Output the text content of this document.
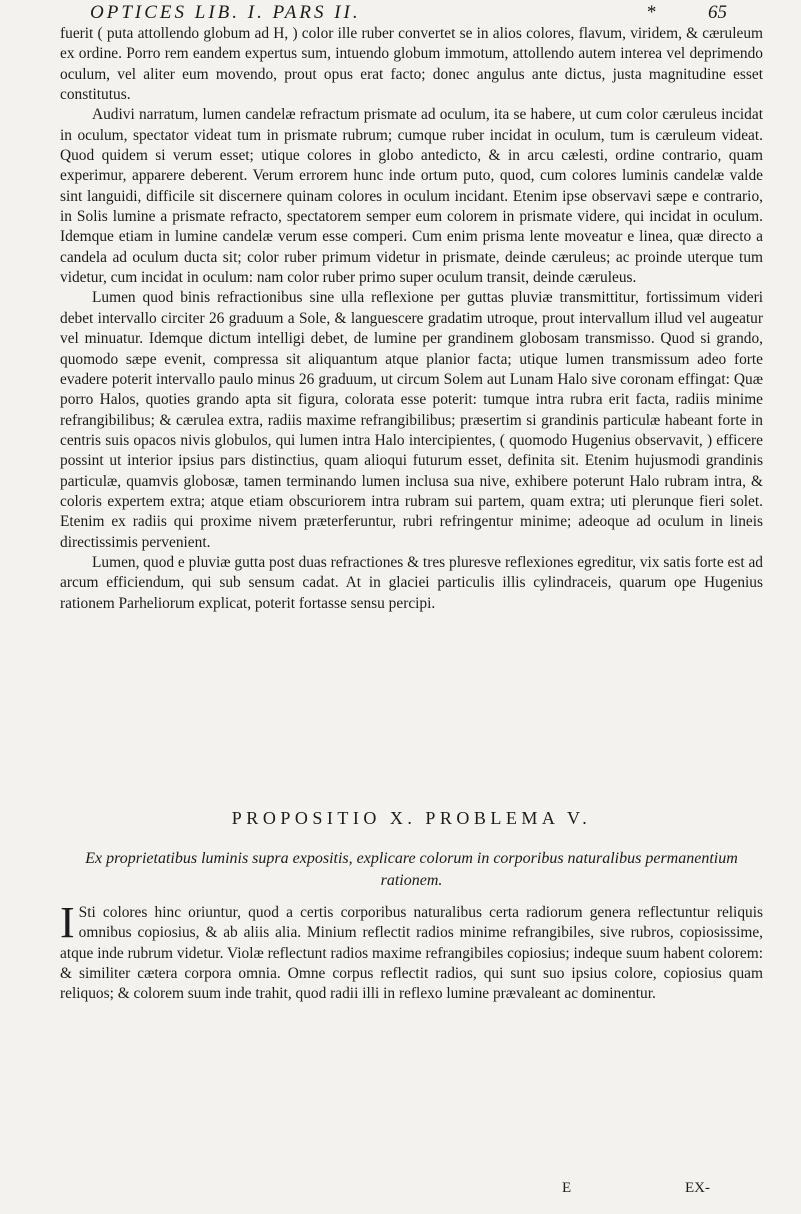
OPTICES LIB. I. PARS II.	*	65

fuerit ( puta attollendo globum ad H, ) color ille ruber convertet se in alios colores, flavum, viridem, & cæruleum ex ordine. Porro rem eandem expertus sum, intuendo globum immotum, attollendo autem interea vel deprimendo oculum, vel aliter eum movendo, prout opus erat facto; donec angulus ante dictus, justa magnitudine esset constitutus.

Audivi narratum, lumen candelæ refractum prismate ad oculum, ita se habere, ut cum color cæruleus incidat in oculum, spectator videat tum in prismate rubrum; cumque ruber incidat in oculum, tum is cæruleum videat. Quod quidem si verum esset; utique colores in globo antedicto, & in arcu cælesti, ordine contrario, quam experimur, apparere deberent. Verum errorem hunc inde ortum puto, quod, cum colores luminis candelæ valde sint languidi, difficile sit discernere quinam colores in oculum incidant. Etenim ipse observavi sæpe e contrario, in Solis lumine a prismate refracto, spectatorem semper eum colorem in prismate videre, qui incidat in oculum. Idemque etiam in lumine candelæ verum esse comperi. Cum enim prisma lente moveatur e linea, quæ directo a candela ad oculum ducta sit; color ruber primum videtur in prismate, deinde cæruleus; ac proinde uterque tum videtur, cum incidat in oculum: nam color ruber primo super oculum transit, deinde cæruleus.

Lumen quod binis refractionibus sine ulla reflexione per guttas pluviæ transmittitur, fortissimum videri debet intervallo circiter 26 graduum a Sole, & languescere gradatim utroque, prout intervallum illud vel augeatur vel minuatur. Idemque dictum intelligi debet, de lumine per grandinem globosam transmisso. Quod si grando, quomodo sæpe evenit, compressa sit aliquantum atque planior facta; utique lumen transmissum adeo forte evadere poterit intervallo paulo minus 26 graduum, ut circum Solem aut Lunam Halo sive coronam effingat: Quæ porro Halos, quoties grando apta sit figura, colorata esse poterit: tumque intra rubra erit facta, radiis minime refrangibilibus; & cærulea extra, radiis maxime refrangibilibus; præsertim si grandinis particulæ habeant forte in centris suis opacos nivis globulos, qui lumen intra Halo intercipientes, ( quomodo Hugenius observavit, ) efficere possint ut interior ipsius pars distinctius, quam alioqui futurum esset, definita sit. Etenim hujusmodi grandinis particulæ, quamvis globosæ, tamen terminando lumen inclusa sua nive, exhibere poterunt Halo rubram intra, & coloris expertem extra; atque etiam obscuriorem intra rubram sui partem, quam extra; uti plerunque fieri solet. Etenim ex radiis qui proxime nivem præterferuntur, rubri refringentur minime; adeoque ad oculum in lineis directissimis pervenient.

Lumen, quod e pluviæ gutta post duas refractiones & tres pluresve reflexiones egreditur, vix satis forte est ad arcum efficiendum, qui sub sensum cadat. At in glaciei particulis illis cylindraceis, quarum ope Hugenius rationem Parheliorum explicat, poterit fortasse sensu percipi.

PROPOSITIO X. PROBLEMA V.
Ex proprietatibus luminis supra expositis, explicare colorum in corporibus naturalibus permanentium rationem.

I Sti colores hinc oriuntur, quod a certis corporibus naturalibus certa radiorum genera reflectuntur reliquis omnibus copiosius, & ab aliis alia. Minium reflectit radios minime refrangibiles, sive rubros, copiosissime, atque inde rubrum videtur. Violæ reflectunt radios maxime refrangibiles copiosius; indeque suum habent colorem: & similiter cætera corpora omnia. Omne corpus reflectit radios, qui sunt suo ipsius colore, copiosius quam reliquos; & colorem suum inde trahit, quod radii illi in reflexo lumine prævaleant ac dominentur.

E	EX-
